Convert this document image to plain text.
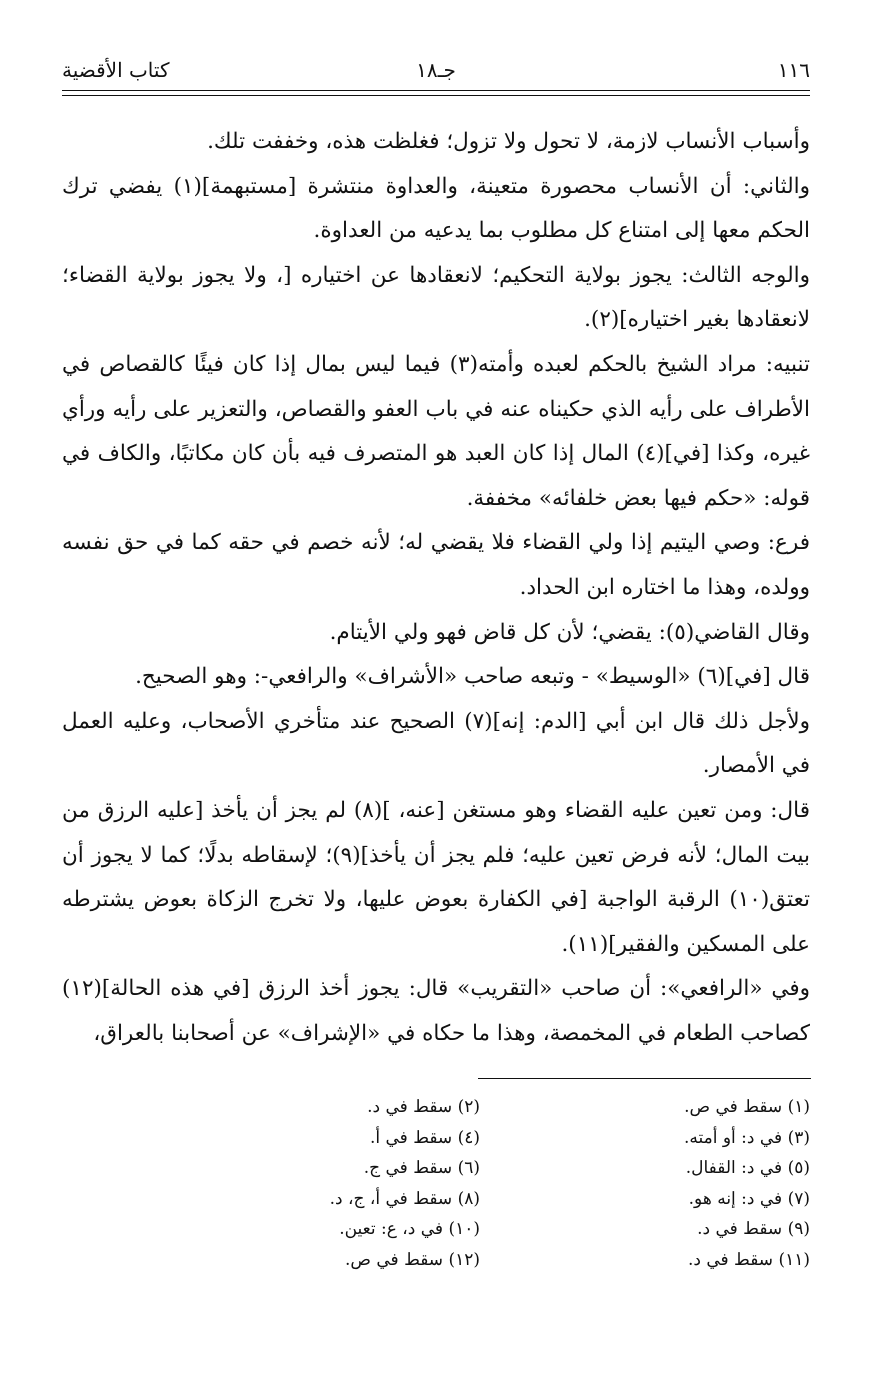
١١٦
جـ١٨
كتاب الأقضية

وأسباب الأنساب لازمة، لا تحول ولا تزول؛ فغلظت هذه، وخففت تلك.

والثاني: أن الأنساب محصورة متعينة، والعداوة منتشرة [مستبهمة](١) يفضي ترك الحكم معها إلى امتناع كل مطلوب بما يدعيه من العداوة.

والوجه الثالث: يجوز بولاية التحكيم؛ لانعقادها عن اختياره [، ولا يجوز بولاية القضاء؛ لانعقادها بغير اختياره](٢).

تنبيه: مراد الشيخ بالحكم لعبده وأمته(٣) فيما ليس بمال إذا كان فيئًا كالقصاص في الأطراف على رأيه الذي حكيناه عنه في باب العفو والقصاص، والتعزير على رأيه ورأي غيره، وكذا [في](٤) المال إذا كان العبد هو المتصرف فيه بأن كان مكاتبًا، والكاف في قوله: «حكم فيها بعض خلفائه» مخففة.

فرع: وصي اليتيم إذا ولي القضاء فلا يقضي له؛ لأنه خصم في حقه كما في حق نفسه وولده، وهذا ما اختاره ابن الحداد.

وقال القاضي(٥): يقضي؛ لأن كل قاض فهو ولي الأيتام.

قال [في](٦) «الوسيط» - وتبعه صاحب «الأشراف» والرافعي-: وهو الصحيح.

ولأجل ذلك قال ابن أبي [الدم: إنه](٧) الصحيح عند متأخري الأصحاب، وعليه العمل في الأمصار.

قال: ومن تعين عليه القضاء وهو مستغن [عنه، ](٨) لم يجز أن يأخذ [عليه الرزق من بيت المال؛ لأنه فرض تعين عليه؛ فلم يجز أن يأخذ](٩)؛ لإسقاطه بدلًا؛ كما لا يجوز أن تعتق(١٠) الرقبة الواجبة [في الكفارة بعوض عليها، ولا تخرج الزكاة بعوض يشترطه على المسكين والفقير](١١).

وفي «الرافعي»: أن صاحب «التقريب» قال: يجوز أخذ الرزق [في هذه الحالة](١٢) كصاحب الطعام في المخمصة، وهذا ما حكاه في «الإشراف» عن أصحابنا بالعراق،

(١) سقط في ص.
(٢) سقط في د.
(٣) في د: أو أمته.
(٤) سقط في أ.
(٥) في د: القفال.
(٦) سقط في ج.
(٧) في د: إنه هو.
(٨) سقط في أ، ج، د.
(٩) سقط في د.
(١٠) في د، ع: تعين.
(١١) سقط في د.
(١٢) سقط في ص.
